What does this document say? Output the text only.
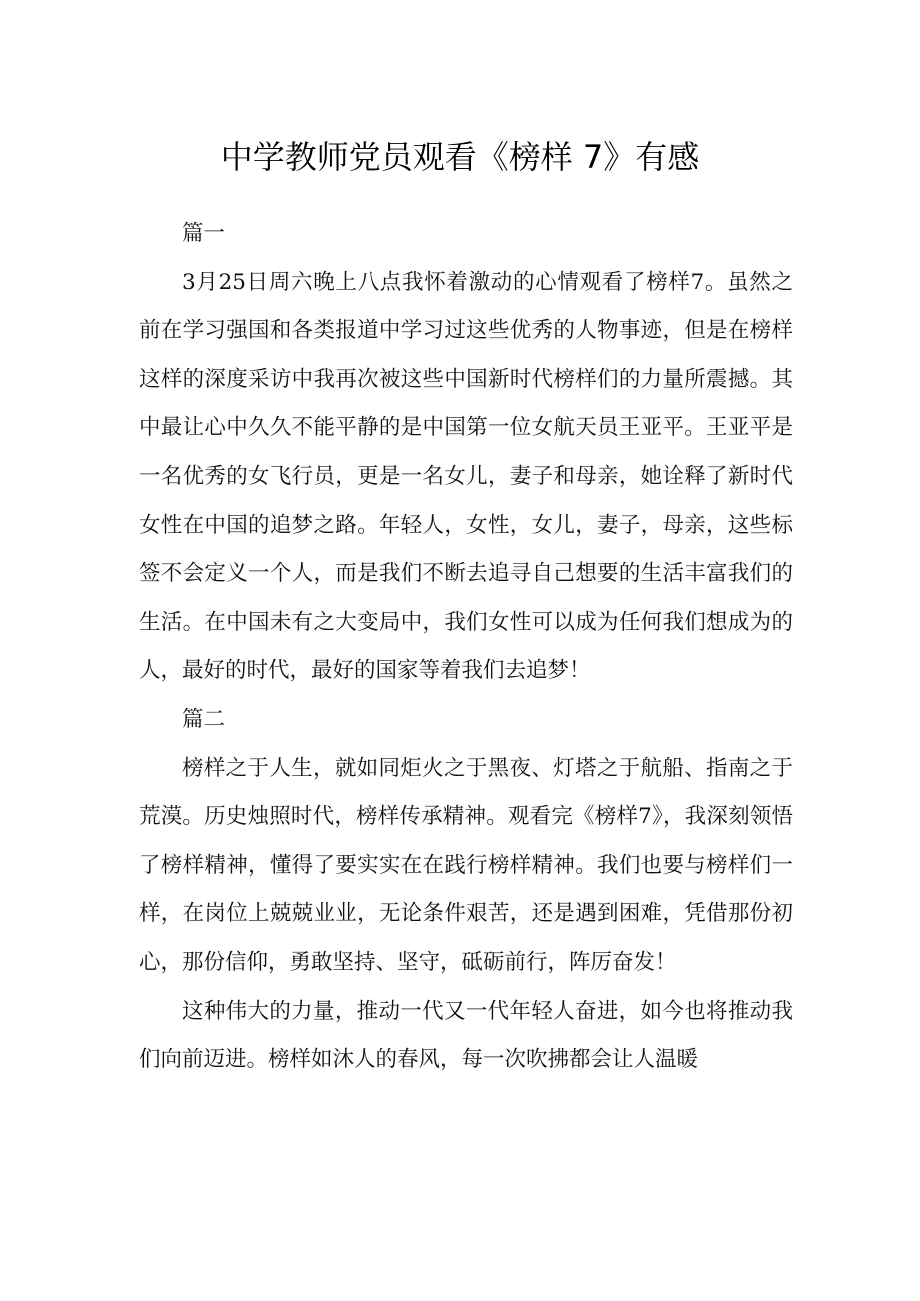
中学教师党员观看《榜样 7》有感

篇一

3月25日周六晚上八点我怀着激动的心情观看了榜样7。虽然之前在学习强国和各类报道中学习过这些优秀的人物事迹，但是在榜样这样的深度采访中我再次被这些中国新时代榜样们的力量所震撼。其中最让心中久久不能平静的是中国第一位女航天员王亚平。王亚平是一名优秀的女飞行员，更是一名女儿，妻子和母亲，她诠释了新时代女性在中国的追梦之路。年轻人，女性，女儿，妻子，母亲，这些标签不会定义一个人，而是我们不断去追寻自己想要的生活丰富我们的生活。在中国未有之大变局中，我们女性可以成为任何我们想成为的人，最好的时代，最好的国家等着我们去追梦！

篇二

榜样之于人生，就如同炬火之于黑夜、灯塔之于航船、指南之于荒漠。历史烛照时代，榜样传承精神。观看完《榜样7》，我深刻领悟了榜样精神，懂得了要实实在在践行榜样精神。我们也要与榜样们一样，在岗位上兢兢业业，无论条件艰苦，还是遇到困难，凭借那份初心，那份信仰，勇敢坚持、坚守，砥砺前行，阵厉奋发！

这种伟大的力量，推动一代又一代年轻人奋进，如今也将推动我们向前迈进。榜样如沐人的春风，每一次吹拂都会让人温暖
